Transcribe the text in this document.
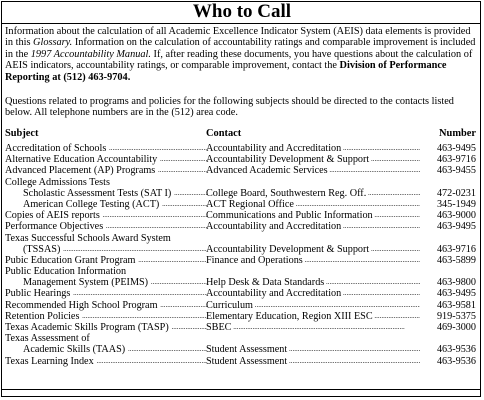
Who to Call
Information about the calculation of all Academic Excellence Indicator System (AEIS) data elements is provided in this Glossary. Information on the calculation of accountability ratings and comparable improvement is included in the 1997 Accountability Manual. If, after reading these documents, you have questions about the calculation of AEIS indicators, accountability ratings, or comparable improvement, contact the Division of Performance Reporting at (512) 463-9704.
Questions related to programs and policies for the following subjects should be directed to the contacts listed below. All telephone numbers are in the (512) area code.
Subject	Contact	Number
Accreditation of Schools .....	Accountability and Accreditation .....	463-9495
Alternative Education Accountability .....	Accountability Development & Support .....	463-9716
Advanced Placement (AP) Programs .....	Advanced Academic Services .....	463-9455
College Admissions Tests
Scholastic Assessment Tests (SAT I) .....	College Board, Southwestern Reg. Off. .....	472-0231
American College Testing (ACT) .....	ACT Regional Office .....	345-1949
Copies of AEIS reports .....	Communications and Public Information .....	463-9000
Performance Objectives .....	Accountability and Accreditation .....	463-9495
Texas Successful Schools Award System
(TSSAS) .....	Accountability Development & Support .....	463-9716
Pubic Education Grant Program .....	Finance and Operations .....	463-5899
Public Education Information
Management System (PEIMS) .....	Help Desk & Data Standards .....	463-9800
Public Hearings .....	Accountability and Accreditation .....	463-9495
Recommended High School Program .....	Curriculum .....	463-9581
Retention Policies .....	Elementary Education, Region XIII ESC .....	919-5375
Texas Academic Skills Program (TASP) .....	SBEC .....	469-3000
Texas Assessment of
Academic Skills (TAAS) .....	Student Assessment .....	463-9536
Texas Learning Index .....	Student Assessment .....	463-9536
